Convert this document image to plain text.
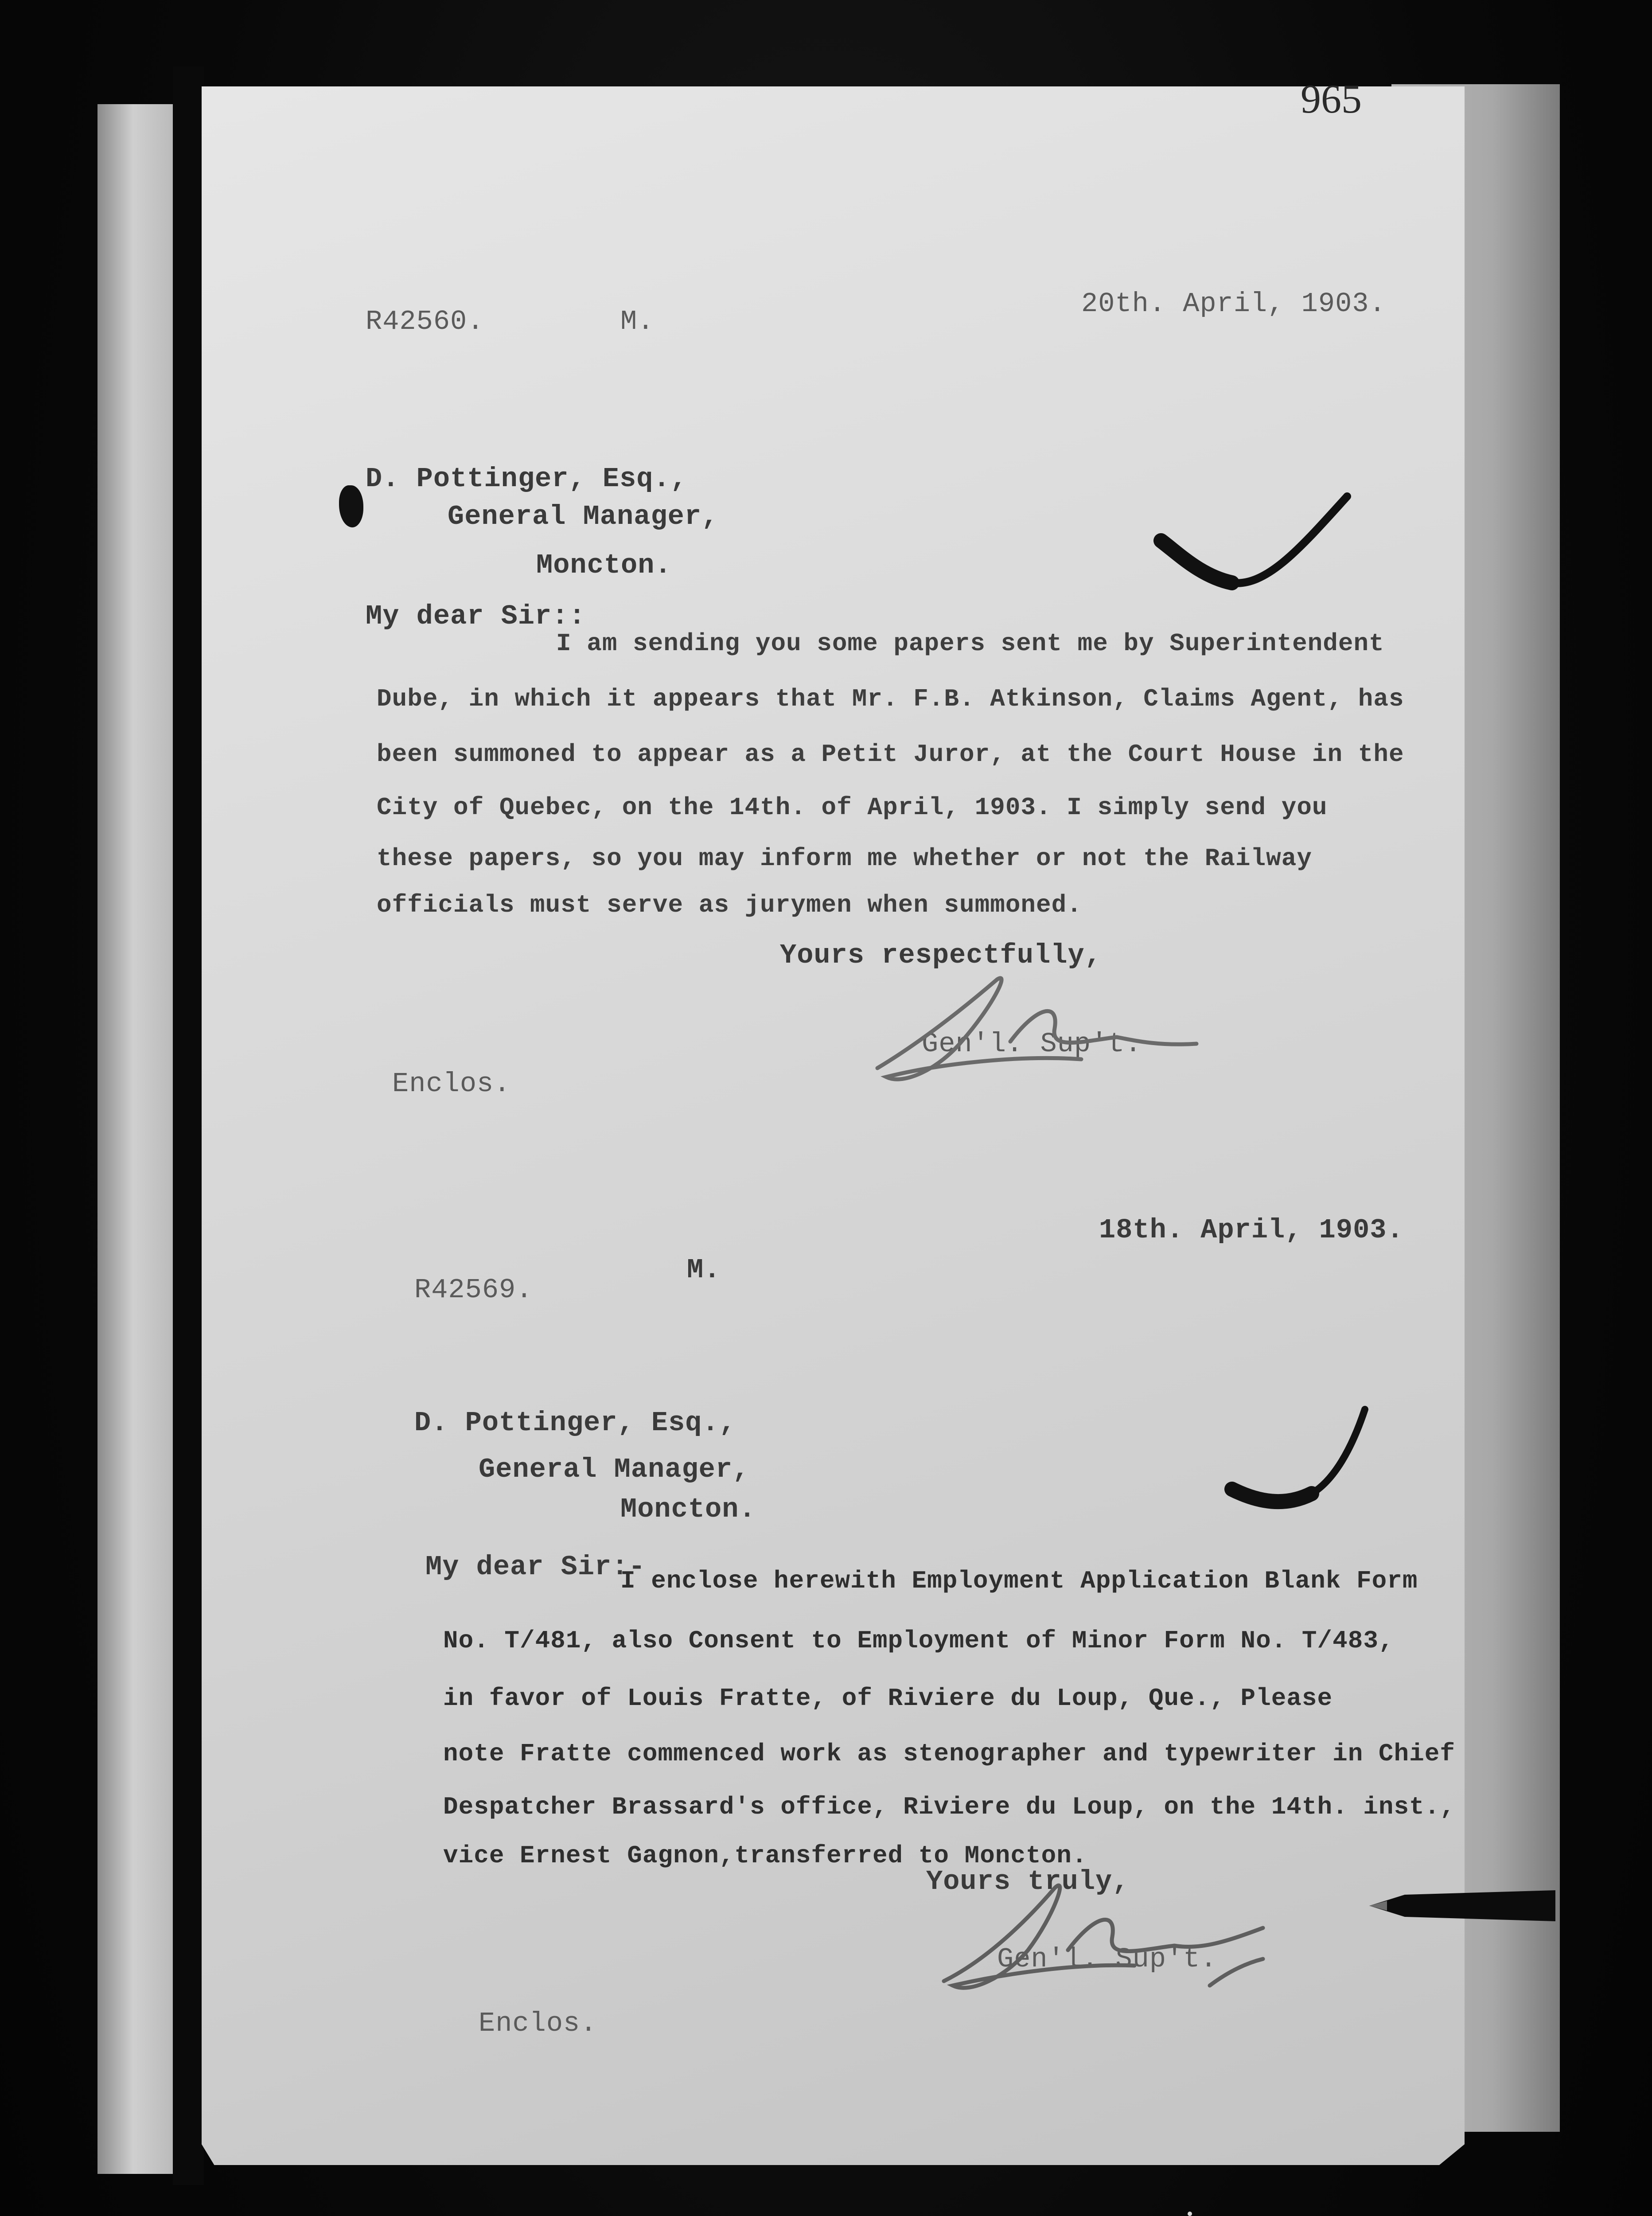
965
R42560.	M.
20th. April, 1903.
D. Pottinger, Esq.,
General Manager,
Moncton.
My dear Sir::
I am sending you some papers sent me by Superintendent
Dube, in which it appears that Mr. F.B. Atkinson, Claims Agent, has
been summoned to appear as a Petit Juror, at the Court House in the
City of Quebec, on the 14th. of April, 1903. I simply send you
these papers, so you may inform me whether or not the Railway
officials must serve as jurymen when summoned.
Yours respectfully,
Gen'l. Sup't.
Enclos.
18th. April, 1903.
R42569.
M.
D. Pottinger, Esq.,
General Manager,
Moncton.
My dear Sir:-
I enclose herewith Employment Application Blank Form
No. T/481, also Consent to Employment of Minor Form No. T/483,
in favor of Louis Fratte, of Riviere du Loup, Que., Please
note Fratte commenced work as stenographer and typewriter in Chief
Despatcher Brassard's office, Riviere du Loup, on the 14th. inst.,
vice Ernest Gagnon,transferred to Moncton.
Yours truly,
Gen'l. Sup't.
Enclos.
